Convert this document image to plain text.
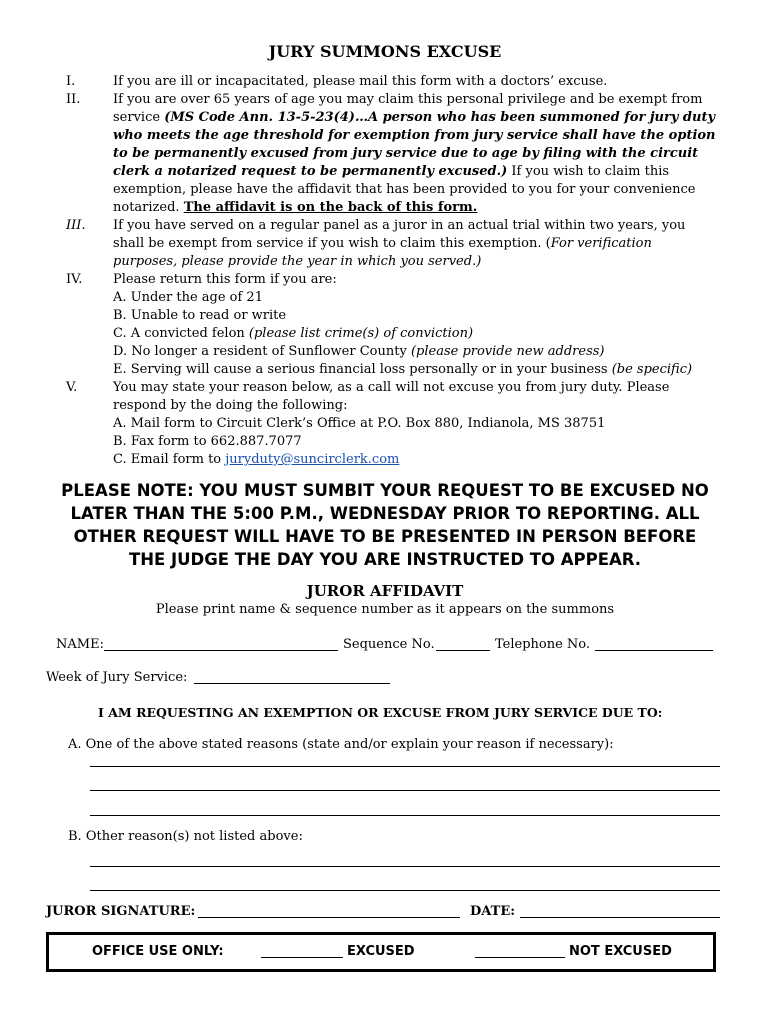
JURY SUMMONS EXCUSE
I.	If you are ill or incapacitated, please mail this form with a doctors’ excuse.
II.	If you are over 65 years of age you may claim this personal privilege and be exempt from
service (MS Code Ann. 13-5-23(4)…A person who has been summoned for jury duty
who meets the age threshold for exemption from jury service shall have the option
to be permanently excused from jury service due to age by filing with the circuit
clerk a notarized request to be permanently excused.) If you wish to claim this
exemption, please have the affidavit that has been provided to you for your convenience
notarized. The affidavit is on the back of this form.
III. If you have served on a regular panel as a juror in an actual trial within two years, you
shall be exempt from service if you wish to claim this exemption. (For verification
purposes, please provide the year in which you served.)
IV. Please return this form if you are:
A. Under the age of 21
B. Unable to read or write
C. A convicted felon (please list crime(s) of conviction)
D. No longer a resident of Sunflower County (please provide new address)
E. Serving will cause a serious financial loss personally or in your business (be specific)
V.	You may state your reason below, as a call will not excuse you from jury duty. Please
respond by the doing the following:
A. Mail form to Circuit Clerk’s Office at P.O. Box 880, Indianola, MS 38751
B. Fax form to 662.887.7077
C. Email form to juryduty@suncirclerk.com
PLEASE NOTE: YOU MUST SUMBIT YOUR REQUEST TO BE EXCUSED NO
LATER THAN THE 5:00 P.M., WEDNESDAY PRIOR TO REPORTING. ALL
OTHER REQUEST WILL HAVE TO BE PRESENTED IN PERSON BEFORE
THE JUDGE THE DAY YOU ARE INSTRUCTED TO APPEAR.
JUROR AFFIDAVIT
Please print name & sequence number as it appears on the summons
NAME:	Sequence No.	Telephone No.
Week of Jury Service:
I AM REQUESTING AN EXEMPTION OR EXCUSE FROM JURY SERVICE DUE TO:
A. One of the above stated reasons (state and/or explain your reason if necessary):
B. Other reason(s) not listed above:
JUROR SIGNATURE:	DATE:
OFFICE USE ONLY:	EXCUSED	NOT EXCUSED
